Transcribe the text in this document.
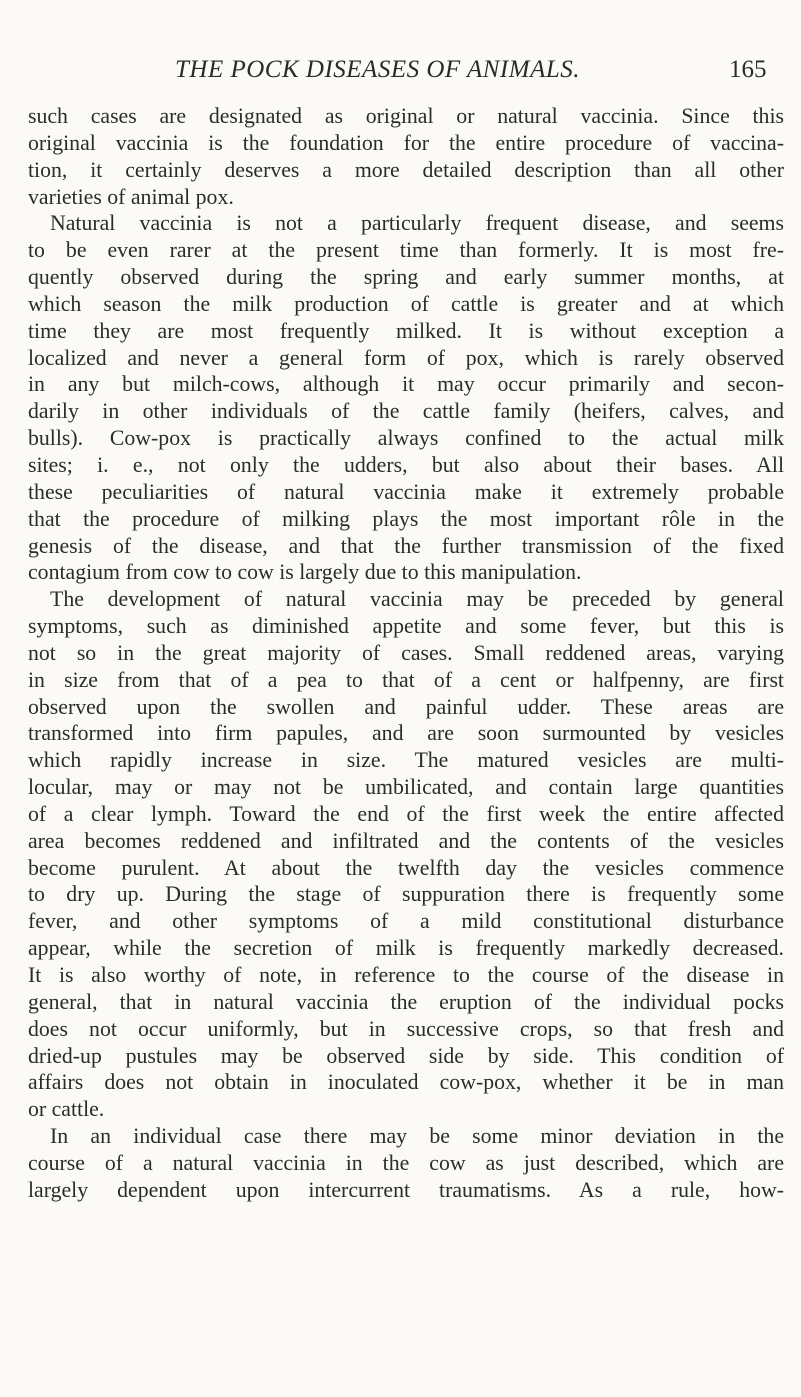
THE POCK DISEASES OF ANIMALS.	165
such cases are designated as original or natural vaccinia. Since this
original vaccinia is the foundation for the entire procedure of vaccina-
tion, it certainly deserves a more detailed description than all other
varieties of animal pox.
Natural vaccinia is not a particularly frequent disease, and seems
to be even rarer at the present time than formerly. It is most fre-
quently observed during the spring and early summer months, at
which season the milk production of cattle is greater and at which
time they are most frequently milked. It is without exception a
localized and never a general form of pox, which is rarely observed
in any but milch-cows, although it may occur primarily and secon-
darily in other individuals of the cattle family (heifers, calves, and
bulls). Cow-pox is practically always confined to the actual milk
sites; i. e., not only the udders, but also about their bases. All
these peculiarities of natural vaccinia make it extremely probable
that the procedure of milking plays the most important rôle in the
genesis of the disease, and that the further transmission of the fixed
contagium from cow to cow is largely due to this manipulation.
The development of natural vaccinia may be preceded by general
symptoms, such as diminished appetite and some fever, but this is
not so in the great majority of cases. Small reddened areas, varying
in size from that of a pea to that of a cent or halfpenny, are first
observed upon the swollen and painful udder. These areas are
transformed into firm papules, and are soon surmounted by vesicles
which rapidly increase in size. The matured vesicles are multi-
locular, may or may not be umbilicated, and contain large quantities
of a clear lymph. Toward the end of the first week the entire affected
area becomes reddened and infiltrated and the contents of the vesicles
become purulent. At about the twelfth day the vesicles commence
to dry up. During the stage of suppuration there is frequently some
fever, and other symptoms of a mild constitutional disturbance
appear, while the secretion of milk is frequently markedly decreased.
It is also worthy of note, in reference to the course of the disease in
general, that in natural vaccinia the eruption of the individual pocks
does not occur uniformly, but in successive crops, so that fresh and
dried-up pustules may be observed side by side. This condition of
affairs does not obtain in inoculated cow-pox, whether it be in man
or cattle.
In an individual case there may be some minor deviation in the
course of a natural vaccinia in the cow as just described, which are
largely dependent upon intercurrent traumatisms. As a rule, how-
